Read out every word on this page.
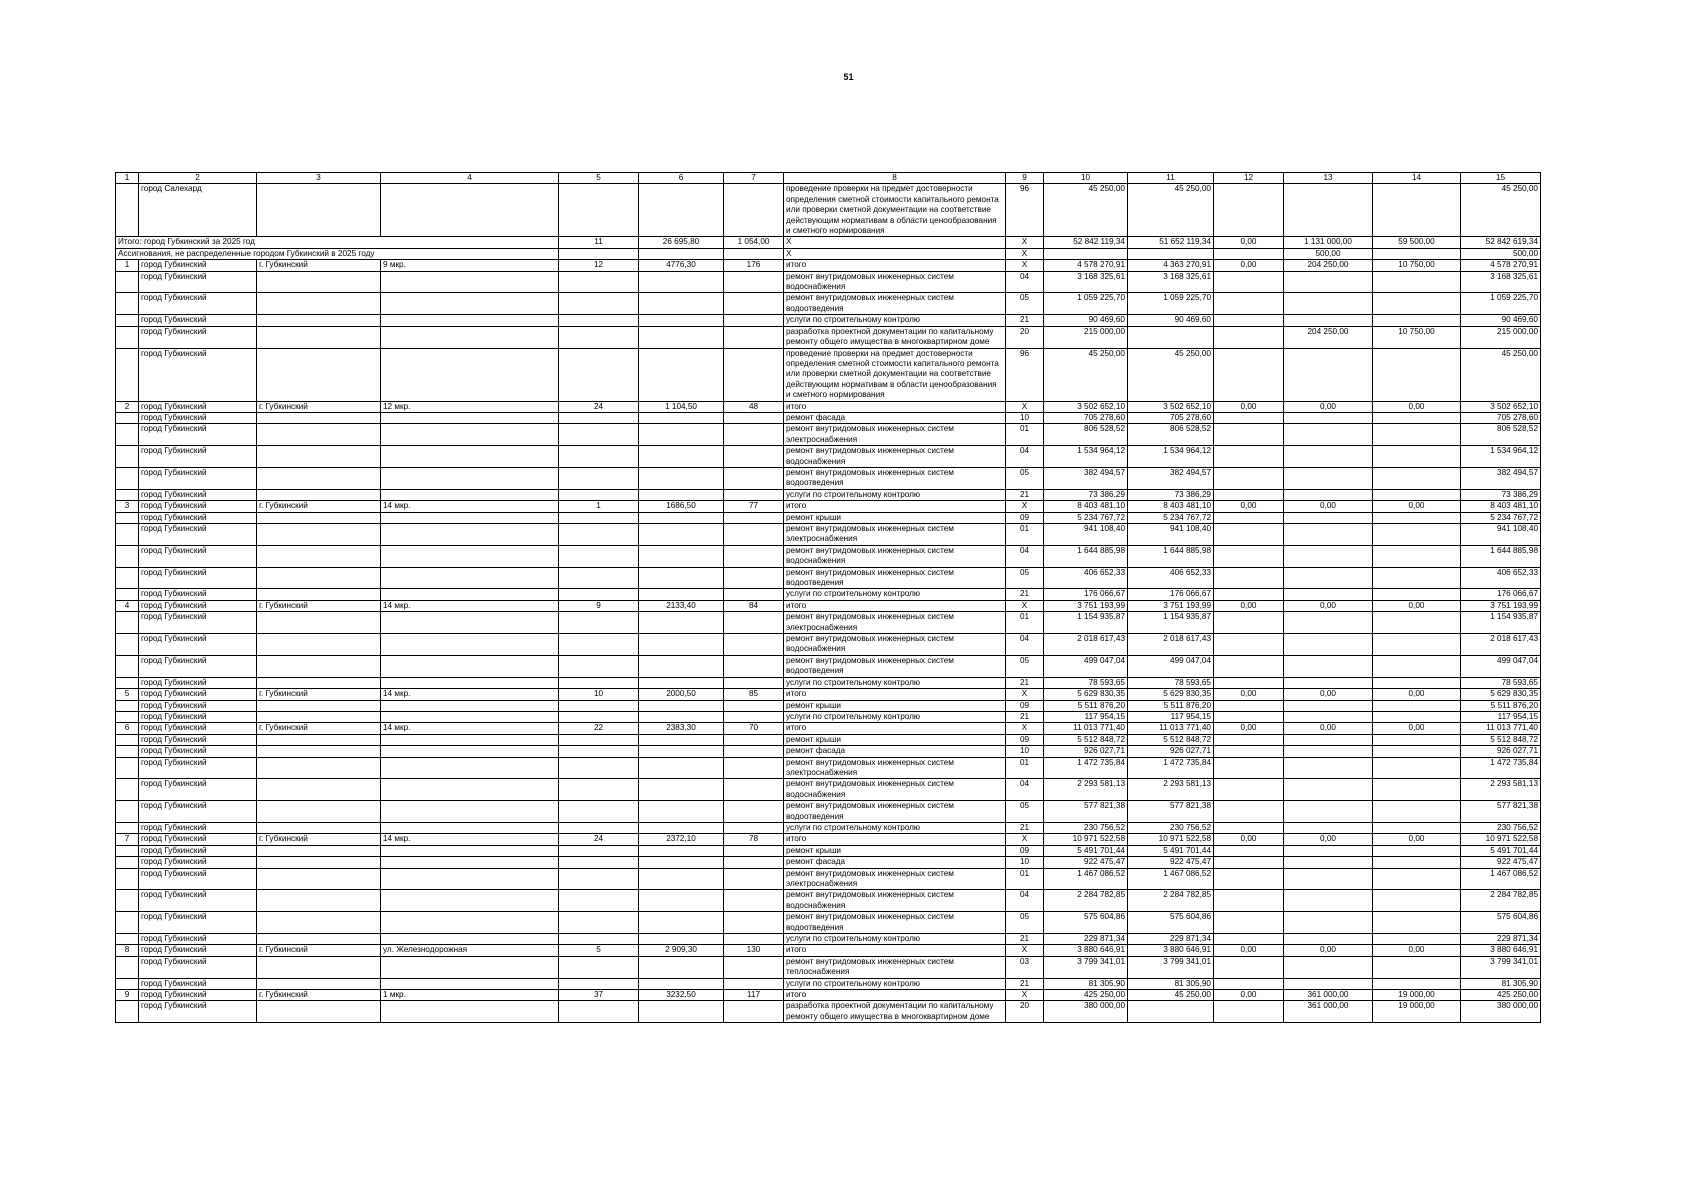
51
1	2	3	4	5	6	7	8	9	10	11	12	13	14	15
	город Салехард						проведение проверки на предмет достоверности определения сметной стоимости капитального ремонта или проверки сметной документации на соответствие действующим нормативам в области ценообразования и сметного нормирования	96	45 250,00	45 250,00				45 250,00
Итого: город Губкинский за 2025 год				11	26 695,80	1 054,00	X	X	52 842 119,34	51 652 119,34	0,00	1 131 000,00	59 500,00	52 842 619,34
Ассигнования, не распределенные городом Губкинский в 2025 году							X	X				500,00		500,00
1	город Губкинский	г. Губкинский	9 мкр.	12	4776,30	176	итого	X	4 578 270,91	4 363 270,91	0,00	204 250,00	10 750,00	4 578 270,91
	город Губкинский						ремонт внутридомовых инженерных систем водоснабжения	04	3 168 325,61	3 168 325,61				3 168 325,61
	город Губкинский						ремонт внутридомовых инженерных систем водоотведения	05	1 059 225,70	1 059 225,70				1 059 225,70
	город Губкинский						услуги по строительному контролю	21	90 469,60	90 469,60				90 469,60
	город Губкинский						разработка проектной документации по капитальному ремонту общего имущества в многоквартирном доме	20	215 000,00			204 250,00	10 750,00	215 000,00
	город Губкинский						проведение проверки на предмет достоверности определения сметной стоимости капитального ремонта или проверки сметной документации на соответствие действующим нормативам в области ценообразования и сметного нормирования	96	45 250,00	45 250,00				45 250,00
2	город Губкинский	г. Губкинский	12 мкр.	24	1 104,50	48	итого	X	3 502 652,10	3 502 652,10	0,00	0,00	0,00	3 502 652,10
	город Губкинский						ремонт фасада	10	705 278,60	705 278,60				705 278,60
	город Губкинский						ремонт внутридомовых инженерных систем электроснабжения	01	806 528,52	806 528,52				806 528,52
	город Губкинский						ремонт внутридомовых инженерных систем водоснабжения	04	1 534 964,12	1 534 964,12				1 534 964,12
	город Губкинский						ремонт внутридомовых инженерных систем водоотведения	05	382 494,57	382 494,57				382 494,57
	город Губкинский						услуги по строительному контролю	21	73 386,29	73 386,29				73 386,29
3	город Губкинский	г. Губкинский	14 мкр.	1	1686,50	77	итого	X	8 403 481,10	8 403 481,10	0,00	0,00	0,00	8 403 481,10
	город Губкинский						ремонт крыши	09	5 234 767,72	5 234 767,72				5 234 767,72
	город Губкинский						ремонт внутридомовых инженерных систем электроснабжения	01	941 108,40	941 108,40				941 108,40
	город Губкинский						ремонт внутридомовых инженерных систем водоснабжения	04	1 644 885,98	1 644 885,98				1 644 885,98
	город Губкинский						ремонт внутридомовых инженерных систем водоотведения	05	406 652,33	406 652,33				406 652,33
	город Губкинский						услуги по строительному контролю	21	176 066,67	176 066,67				176 066,67
4	город Губкинский	г. Губкинский	14 мкр.	9	2133,40	84	итого	X	3 751 193,99	3 751 193,99	0,00	0,00	0,00	3 751 193,99
	город Губкинский						ремонт внутридомовых инженерных систем электроснабжения	01	1 154 935,87	1 154 935,87				1 154 935,87
	город Губкинский						ремонт внутридомовых инженерных систем водоснабжения	04	2 018 617,43	2 018 617,43				2 018 617,43
	город Губкинский						ремонт внутридомовых инженерных систем водоотведения	05	499 047,04	499 047,04				499 047,04
	город Губкинский						услуги по строительному контролю	21	78 593,65	78 593,65				78 593,65
5	город Губкинский	г. Губкинский	14 мкр.	10	2000,50	85	итого	X	5 629 830,35	5 629 830,35	0,00	0,00	0,00	5 629 830,35
	город Губкинский						ремонт крыши	09	5 511 876,20	5 511 876,20				5 511 876,20
	город Губкинский						услуги по строительному контролю	21	117 954,15	117 954,15				117 954,15
6	город Губкинский	г. Губкинский	14 мкр.	22	2383,30	70	итого	X	11 013 771,40	11 013 771,40	0,00	0,00	0,00	11 013 771,40
	город Губкинский						ремонт крыши	09	5 512 848,72	5 512 848,72				5 512 848,72
	город Губкинский						ремонт фасада	10	926 027,71	926 027,71				926 027,71
	город Губкинский						ремонт внутридомовых инженерных систем электроснабжения	01	1 472 735,84	1 472 735,84				1 472 735,84
	город Губкинский						ремонт внутридомовых инженерных систем водоснабжения	04	2 293 581,13	2 293 581,13				2 293 581,13
	город Губкинский						ремонт внутридомовых инженерных систем водоотведения	05	577 821,38	577 821,38				577 821,38
	город Губкинский						услуги по строительному контролю	21	230 756,52	230 756,52				230 756,52
7	город Губкинский	г. Губкинский	14 мкр.	24	2372,10	78	итого	X	10 971 522,58	10 971 522,58	0,00	0,00	0,00	10 971 522,58
	город Губкинский						ремонт крыши	09	5 491 701,44	5 491 701,44				5 491 701,44
	город Губкинский						ремонт фасада	10	922 475,47	922 475,47				922 475,47
	город Губкинский						ремонт внутридомовых инженерных систем электроснабжения	01	1 467 086,52	1 467 086,52				1 467 086,52
	город Губкинский						ремонт внутридомовых инженерных систем водоснабжения	04	2 284 782,85	2 284 782,85				2 284 782,85
	город Губкинский						ремонт внутридомовых инженерных систем водоотведения	05	575 604,86	575 604,86				575 604,86
	город Губкинский						услуги по строительному контролю	21	229 871,34	229 871,34				229 871,34
8	город Губкинский	г. Губкинский	ул. Железнодорожная	5	2 909,30	130	итого	X	3 880 646,91	3 880 646,91	0,00	0,00	0,00	3 880 646,91
	город Губкинский						ремонт внутридомовых инженерных систем теплоснабжения	03	3 799 341,01	3 799 341,01				3 799 341,01
	город Губкинский						услуги по строительному контролю	21	81 305,90	81 305,90				81 305,90
9	город Губкинский	г. Губкинский	1 мкр.	37	3232,50	117	итого	X	425 250,00	45 250,00	0,00	361 000,00	19 000,00	425 250,00
	город Губкинский						разработка проектной документации по капитальному ремонту общего имущества в многоквартирном доме	20	380 000,00			361 000,00	19 000,00	380 000,00
